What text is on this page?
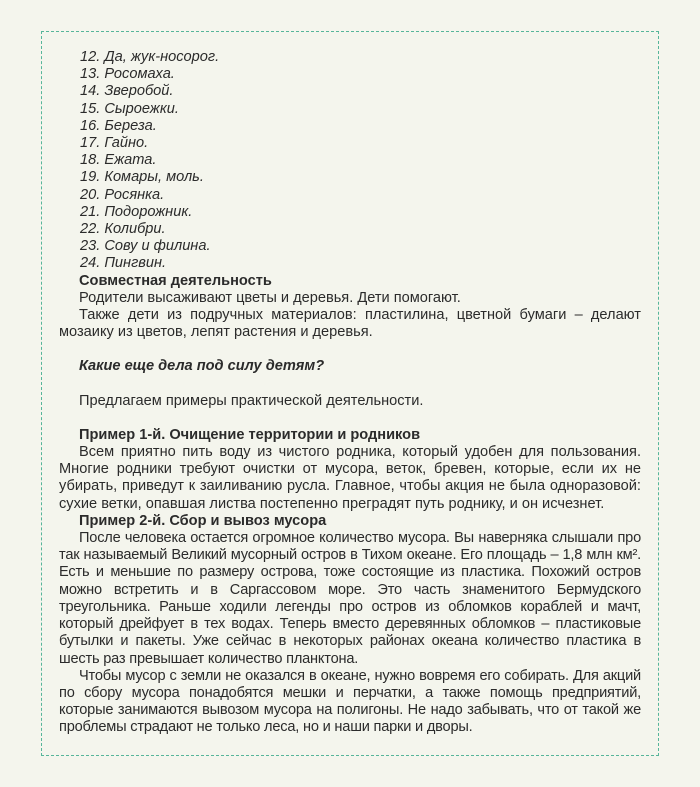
12. Да, жук-носорог.
13. Росомаха.
14. Зверобой.
15. Сыроежки.
16. Береза.
17. Гайно.
18. Ежата.
19. Комары, моль.
20. Росянка.
21. Подорожник.
22. Колибри.
23. Сову и филина.
24. Пингвин.
Совместная деятельность
Родители высаживают цветы и деревья. Дети помогают.
Также дети из подручных материалов: пластилина, цветной бумаги – делают мозаику из цветов, лепят растения и деревья.
Какие еще дела под силу детям?
Предлагаем примеры практической деятельности.
Пример 1-й. Очищение территории и родников
Всем приятно пить воду из чистого родника, который удобен для пользования. Многие родники требуют очистки от мусора, веток, бревен, которые, если их не убирать, приведут к заиливанию русла. Главное, чтобы акция не была одноразовой: сухие ветки, опавшая листва постепенно преградят путь роднику, и он исчезнет.
Пример 2-й. Сбор и вывоз мусора
После человека остается огромное количество мусора. Вы наверняка слышали про так называемый Великий мусорный остров в Тихом океане. Его площадь – 1,8 млн км². Есть и меньшие по размеру острова, тоже состоящие из пластика. Похожий остров можно встретить и в Саргассовом море. Это часть знаменитого Бермудского треугольника. Раньше ходили легенды про остров из обломков кораблей и мачт, который дрейфует в тех водах. Теперь вместо деревянных обломков – пластиковые бутылки и пакеты. Уже сейчас в некоторых районах океана количество пластика в шесть раз превышает количество планктона.
Чтобы мусор с земли не оказался в океане, нужно вовремя его собирать. Для акций по сбору мусора понадобятся мешки и перчатки, а также помощь предприятий, которые занимаются вывозом мусора на полигоны. Не надо забывать, что от такой же проблемы страдают не только леса, но и наши парки и дворы.
